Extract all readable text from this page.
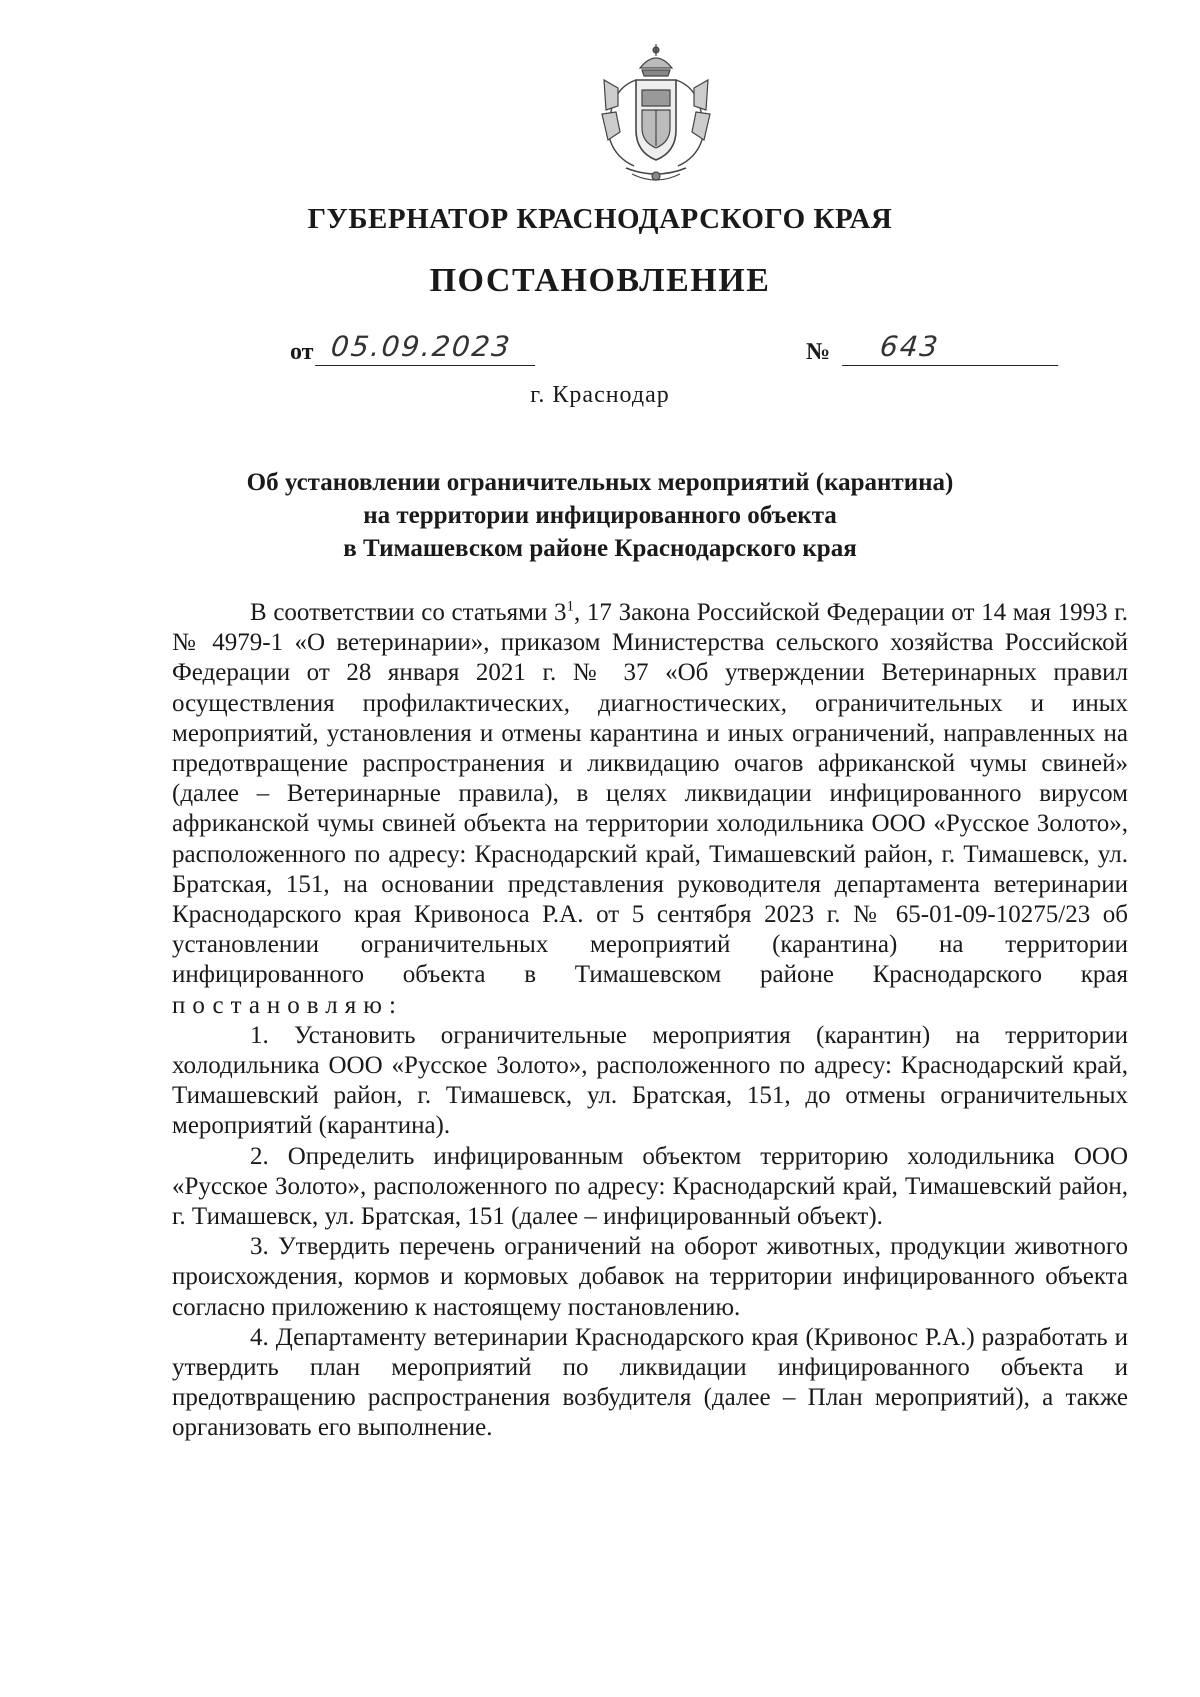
ГУБЕРНАТОР КРАСНОДАРСКОГО КРАЯ
ПОСТАНОВЛЕНИЕ
от 05.09.2023	№	643
г. Краснодар
Об установлении ограничительных мероприятий (карантина)
на территории инфицированного объекта
в Тимашевском районе Краснодарского края

В соответствии со статьями $3^1$, 17 Закона Российской Федерации от 14 мая 1993 г. № 4979-1 «О ветеринарии», приказом Министерства сельского хозяйства Российской Федерации от 28 января 2021 г. № 37 «Об утверждении Ветеринарных правил осуществления профилактических, диагностических, ограничительных и иных мероприятий, установления и отмены карантина и иных ограничений, направленных на предотвращение распространения и ликвидацию очагов африканской чумы свиней» (далее – Ветеринарные правила), в целях ликвидации инфицированного вирусом африканской чумы свиней объекта на территории холодильника ООО «Русское Золото», расположенного по адресу: Краснодарский край, Тимашевский район, г. Тимашевск, ул. Братская, 151, на основании представления руководителя департамента ветеринарии Краснодарского края Кривоноса Р.А. от 5 сентября 2023 г. № 65-01-09-10275/23 об установлении ограничительных мероприятий (карантина) на территории инфицированного объекта в Тимашевском районе Краснодарского края постановляю:

1. Установить ограничительные мероприятия (карантин) на территории холодильника ООО «Русское Золото», расположенного по адресу: Краснодарский край, Тимашевский район, г. Тимашевск, ул. Братская, 151, до отмены ограничительных мероприятий (карантина).

2. Определить инфицированным объектом территорию холодильника ООО «Русское Золото», расположенного по адресу: Краснодарский край, Тимашевский район, г. Тимашевск, ул. Братская, 151 (далее – инфицированный объект).

3. Утвердить перечень ограничений на оборот животных, продукции животного происхождения, кормов и кормовых добавок на территории инфицированного объекта согласно приложению к настоящему постановлению.

4. Департаменту ветеринарии Краснодарского края (Кривонос Р.А.) разработать и утвердить план мероприятий по ликвидации инфицированного объекта и предотвращению распространения возбудителя (далее – План мероприятий), а также организовать его выполнение.
